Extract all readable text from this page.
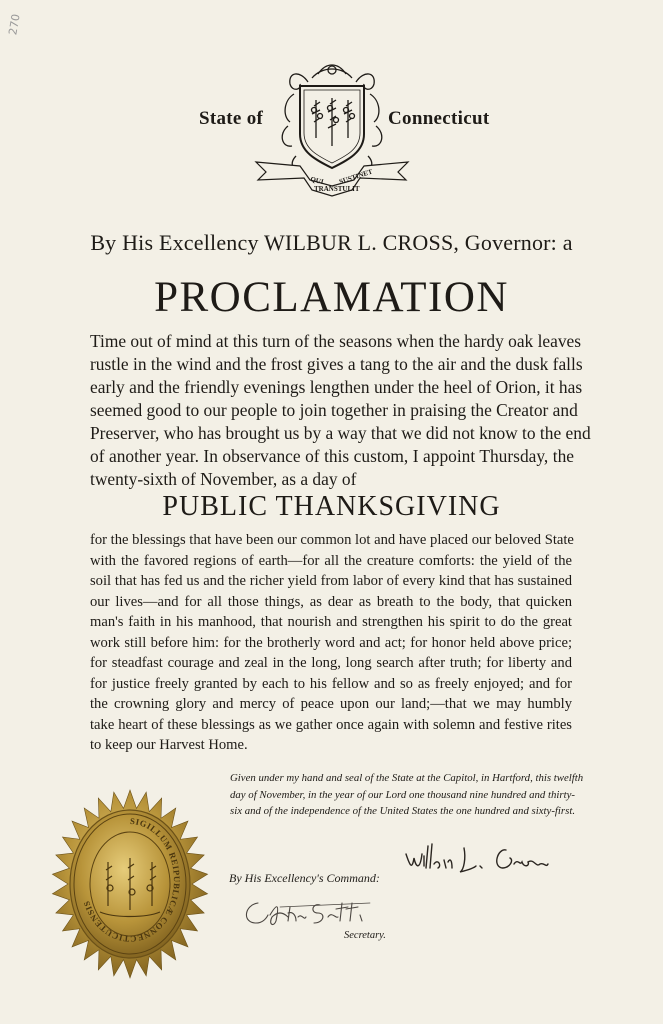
270
State of
QUI
TRANSTULIT
SUSTINET
Connecticut
By His Excellency WILBUR L. CROSS, Governor: a
PROCLAMATION
Time out of mind at this turn of the seasons when the hardy oak leaves
rustle in the wind and the frost gives a tang to the air and the dusk falls
early and the friendly evenings lengthen under the heel of Orion, it has
seemed good to our people to join together in praising the Creator and
Preserver, who has brought us by a way that we did not know to the end
of another year. In observance of this custom, I appoint Thursday, the
twenty-sixth of November, as a day of
PUBLIC THANKSGIVING
for the blessings that have been our common lot and have placed our beloved State
with the favored regions of earth—for all the creature comforts: the yield of the
soil that has fed us and the richer yield from labor of every kind that has sustained
our lives—and for all those things, as dear as breath to the body, that quicken
man's faith in his manhood, that nourish and strengthen his spirit to do the great
work still before him: for the brotherly word and act; for honor held above price;
for steadfast courage and zeal in the long, long search after truth; for liberty and
for justice freely granted by each to his fellow and so as freely enjoyed; and for
the crowning glory and mercy of peace upon our land;—that we may humbly
take heart of these blessings as we gather once again with solemn and festive rites
to keep our Harvest Home.
Given under my hand and seal of the State at the Capitol, in Hartford, this twelfth
day of November, in the year of our Lord one thousand nine hundred and thirty-
six and of the independence of the United States the one hundred and sixty-first.
By His Excellency's Command:
Secretary.
SIGILLUM REIPUBLICÆ CONNECTICUTENSIS
